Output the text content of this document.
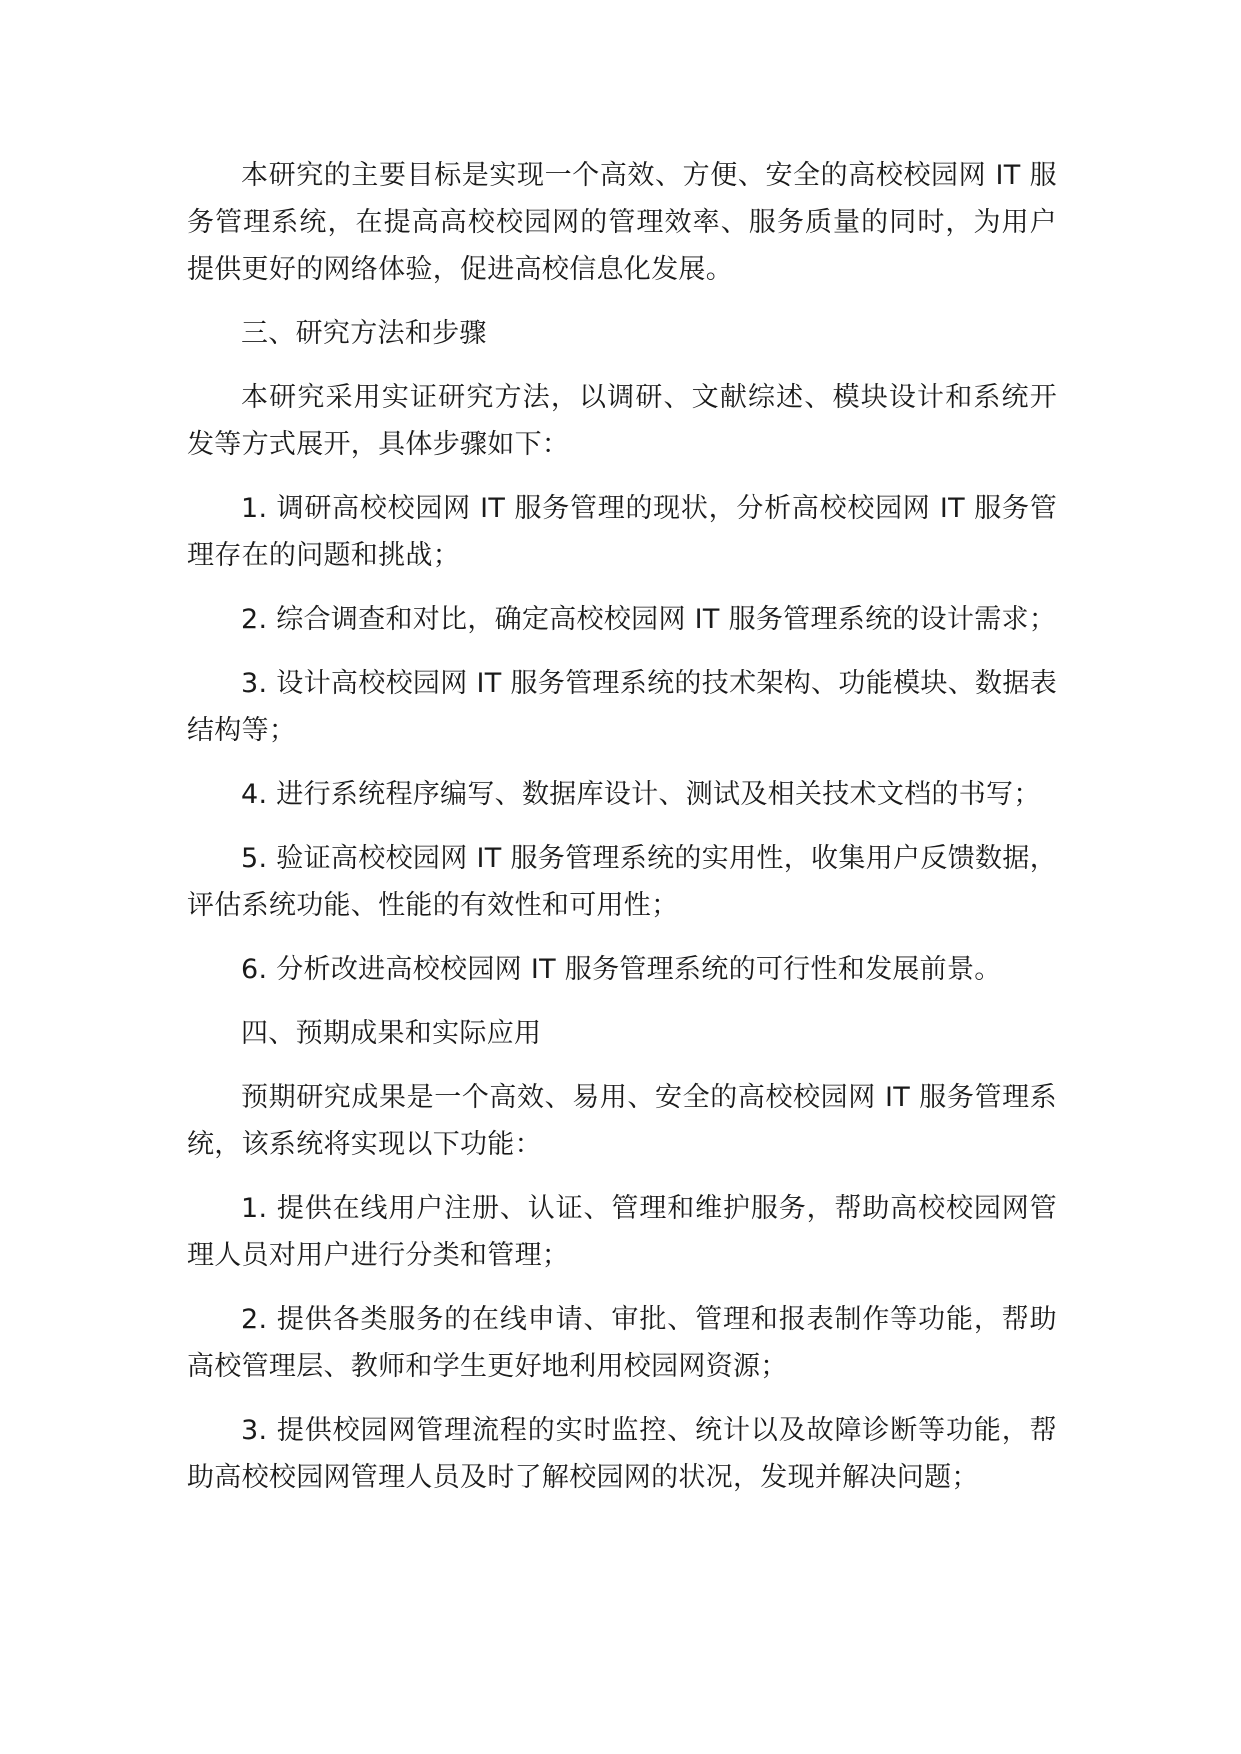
本研究的主要目标是实现一个高效、方便、安全的高校校园网 IT 服务管理系统，在提高高校校园网的管理效率、服务质量的同时，为用户提供更好的网络体验，促进高校信息化发展。

三、研究方法和步骤

本研究采用实证研究方法，以调研、文献综述、模块设计和系统开发等方式展开，具体步骤如下：

1. 调研高校校园网 IT 服务管理的现状，分析高校校园网 IT 服务管理存在的问题和挑战；

2. 综合调查和对比，确定高校校园网 IT 服务管理系统的设计需求；

3. 设计高校校园网 IT 服务管理系统的技术架构、功能模块、数据表结构等；

4. 进行系统程序编写、数据库设计、测试及相关技术文档的书写；

5. 验证高校校园网 IT 服务管理系统的实用性，收集用户反馈数据，评估系统功能、性能的有效性和可用性；

6. 分析改进高校校园网 IT 服务管理系统的可行性和发展前景。

四、预期成果和实际应用

预期研究成果是一个高效、易用、安全的高校校园网 IT 服务管理系统，该系统将实现以下功能：

1. 提供在线用户注册、认证、管理和维护服务，帮助高校校园网管理人员对用户进行分类和管理；

2. 提供各类服务的在线申请、审批、管理和报表制作等功能，帮助高校管理层、教师和学生更好地利用校园网资源；

3. 提供校园网管理流程的实时监控、统计以及故障诊断等功能，帮助高校校园网管理人员及时了解校园网的状况，发现并解决问题；
